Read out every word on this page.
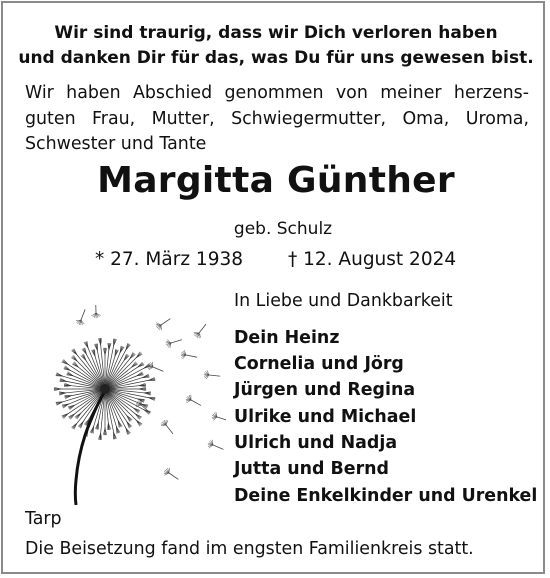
Wir sind traurig, dass wir Dich verloren haben
und danken Dir für das, was Du für uns gewesen bist.
Wir haben Abschied genommen von meiner herzens-
guten Frau, Mutter, Schwiegermutter, Oma, Uroma,
Schwester und Tante
Margitta Günther
geb. Schulz
* 27. März 1938 † 12. August 2024
In Liebe und Dankbarkeit
Dein Heinz
Cornelia und Jörg
Jürgen und Regina
Ulrike und Michael
Ulrich und Nadja
Jutta und Bernd
Deine Enkelkinder und Urenkel
Tarp
Die Beisetzung fand im engsten Familienkreis statt.
